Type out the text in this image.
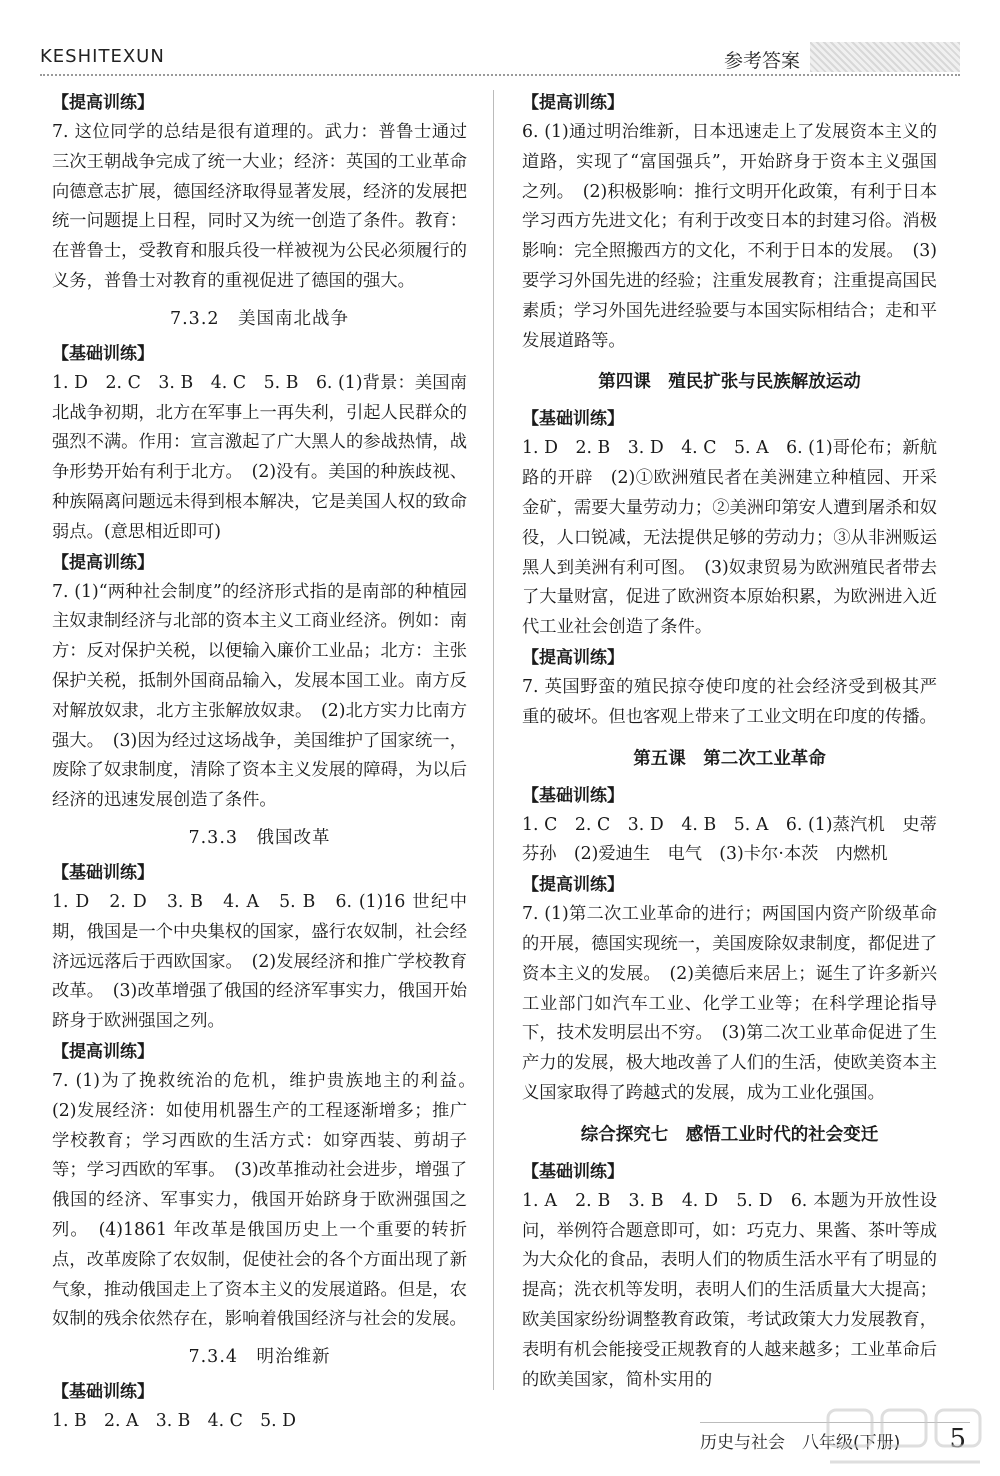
KESHITEXUN	参考答案
【提高训练】
7. 这位同学的总结是很有道理的。武力：普鲁士通过三次王朝战争完成了统一大业；经济：英国的工业革命向德意志扩展，德国经济取得显著发展，经济的发展把统一问题提上日程，同时又为统一创造了条件。教育：在普鲁士，受教育和服兵役一样被视为公民必须履行的义务，普鲁士对教育的重视促进了德国的强大。
7.3.2　美国南北战争
【基础训练】
1. D　2. C　3. B　4. C　5. B　6. (1)背景：美国南北战争初期，北方在军事上一再失利，引起人民群众的强烈不满。作用：宣言激起了广大黑人的参战热情，战争形势开始有利于北方。　(2)没有。美国的种族歧视、种族隔离问题远未得到根本解决，它是美国人权的致命弱点。(意思相近即可)
【提高训练】
7. (1)“两种社会制度”的经济形式指的是南部的种植园主奴隶制经济与北部的资本主义工商业经济。例如：南方：反对保护关税，以便输入廉价工业品；北方：主张保护关税，抵制外国商品输入，发展本国工业。南方反对解放奴隶，北方主张解放奴隶。　(2)北方实力比南方强大。　(3)因为经过这场战争，美国维护了国家统一，废除了奴隶制度，清除了资本主义发展的障碍，为以后经济的迅速发展创造了条件。
7.3.3　俄国改革
【基础训练】
1. D　2. D　3. B　4. A　5. B　6. (1)16 世纪中期，俄国是一个中央集权的国家，盛行农奴制，社会经济远远落后于西欧国家。　(2)发展经济和推广学校教育改革。　(3)改革增强了俄国的经济军事实力，俄国开始跻身于欧洲强国之列。
【提高训练】
7. (1)为了挽救统治的危机，维护贵族地主的利益。　(2)发展经济：如使用机器生产的工程逐渐增多；推广学校教育；学习西欧的生活方式：如穿西装、剪胡子等；学习西欧的军事。　(3)改革推动社会进步，增强了俄国的经济、军事实力，俄国开始跻身于欧洲强国之列。　(4)1861 年改革是俄国历史上一个重要的转折点，改革废除了农奴制，促使社会的各个方面出现了新气象，推动俄国走上了资本主义的发展道路。但是，农奴制的残余依然存在，影响着俄国经济与社会的发展。
7.3.4　明治维新
【基础训练】
1. B　2. A　3. B　4. C　5. D
【提高训练】
6. (1)通过明治维新，日本迅速走上了发展资本主义的道路，实现了“富国强兵”，开始跻身于资本主义强国之列。　(2)积极影响：推行文明开化政策，有利于日本学习西方先进文化；有利于改变日本的封建习俗。消极影响：完全照搬西方的文化，不利于日本的发展。　(3)要学习外国先进的经验；注重发展教育；注重提高国民素质；学习外国先进经验要与本国实际相结合；走和平发展道路等。
第四课　殖民扩张与民族解放运动
【基础训练】
1. D　2. B　3. D　4. C　5. A　6. (1)哥伦布；新航路的开辟　(2)①欧洲殖民者在美洲建立种植园、开采金矿，需要大量劳动力；②美洲印第安人遭到屠杀和奴役，人口锐减，无法提供足够的劳动力；③从非洲贩运黑人到美洲有利可图。　(3)奴隶贸易为欧洲殖民者带去了大量财富，促进了欧洲资本原始积累，为欧洲进入近代工业社会创造了条件。
【提高训练】
7. 英国野蛮的殖民掠夺使印度的社会经济受到极其严重的破坏。但也客观上带来了工业文明在印度的传播。
第五课　第二次工业革命
【基础训练】
1. C　2. C　3. D　4. B　5. A　6. (1)蒸汽机　史蒂芬孙　(2)爱迪生　电气　(3)卡尔·本茨　内燃机
【提高训练】
7. (1)第二次工业革命的进行；两国国内资产阶级革命的开展，德国实现统一，美国废除奴隶制度，都促进了资本主义的发展。　(2)美德后来居上；诞生了许多新兴工业部门如汽车工业、化学工业等；在科学理论指导下，技术发明层出不穷。　(3)第二次工业革命促进了生产力的发展，极大地改善了人们的生活，使欧美资本主义国家取得了跨越式的发展，成为工业化强国。
综合探究七　感悟工业时代的社会变迁
【基础训练】
1. A　2. B　3. B　4. D　5. D　6. 本题为开放性设问，举例符合题意即可，如：巧克力、果酱、茶叶等成为大众化的食品，表明人们的物质生活水平有了明显的提高；洗衣机等发明，表明人们的生活质量大大提高；欧美国家纷纷调整教育政策，考试政策大力发展教育，表明有机会能接受正规教育的人越来越多；工业革命后的欧美国家，简朴实用的
历史与社会　八年级(下册) 5
